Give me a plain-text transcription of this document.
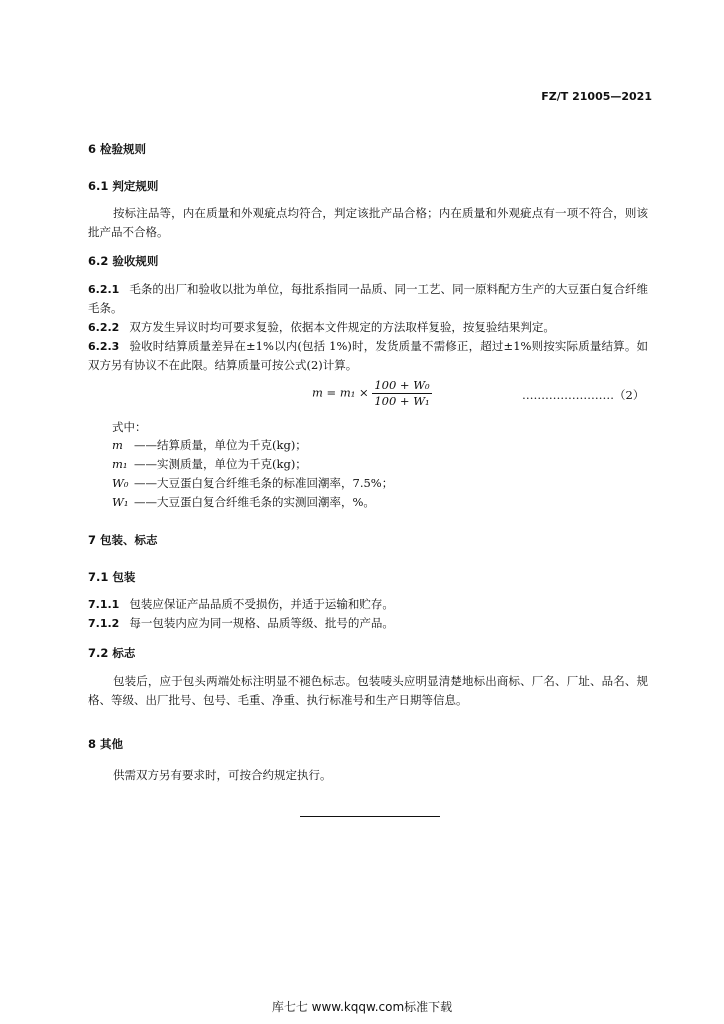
FZ/T 21005—2021
6 检验规则
6.1 判定规则
按标注品等，内在质量和外观疵点均符合，判定该批产品合格；内在质量和外观疵点有一项不符合，则该批产品不合格。
6.2 验收规则
6.2.1 毛条的出厂和验收以批为单位，每批系指同一品质、同一工艺、同一原料配方生产的大豆蛋白复合纤维毛条。
6.2.2 双方发生异议时均可要求复验，依据本文件规定的方法取样复验，按复验结果判定。
6.2.3 验收时结算质量差异在±1%以内(包括 1%)时，发货质量不需修正，超过±1%则按实际质量结算。如双方另有协议不在此限。结算质量可按公式(2)计算。
$m = m_1 \times \frac{\text{100 + W₀}}{\text{100 + W₁}}$	……………………（2）
式中：
m ——结算质量，单位为千克(kg)；
m₁ ——实测质量，单位为千克(kg)；
W₀ ——大豆蛋白复合纤维毛条的标准回潮率，7.5%；
W₁ ——大豆蛋白复合纤维毛条的实测回潮率，%。
7 包装、标志
7.1 包装
7.1.1 包装应保证产品品质不受损伤，并适于运输和贮存。
7.1.2 每一包装内应为同一规格、品质等级、批号的产品。
7.2 标志
包装后，应于包头两端处标注明显不褪色标志。包装唛头应明显清楚地标出商标、厂名、厂址、品名、规格、等级、出厂批号、包号、毛重、净重、执行标准号和生产日期等信息。
8 其他
供需双方另有要求时，可按合约规定执行。
库七七 www.kqqw.com标准下载
